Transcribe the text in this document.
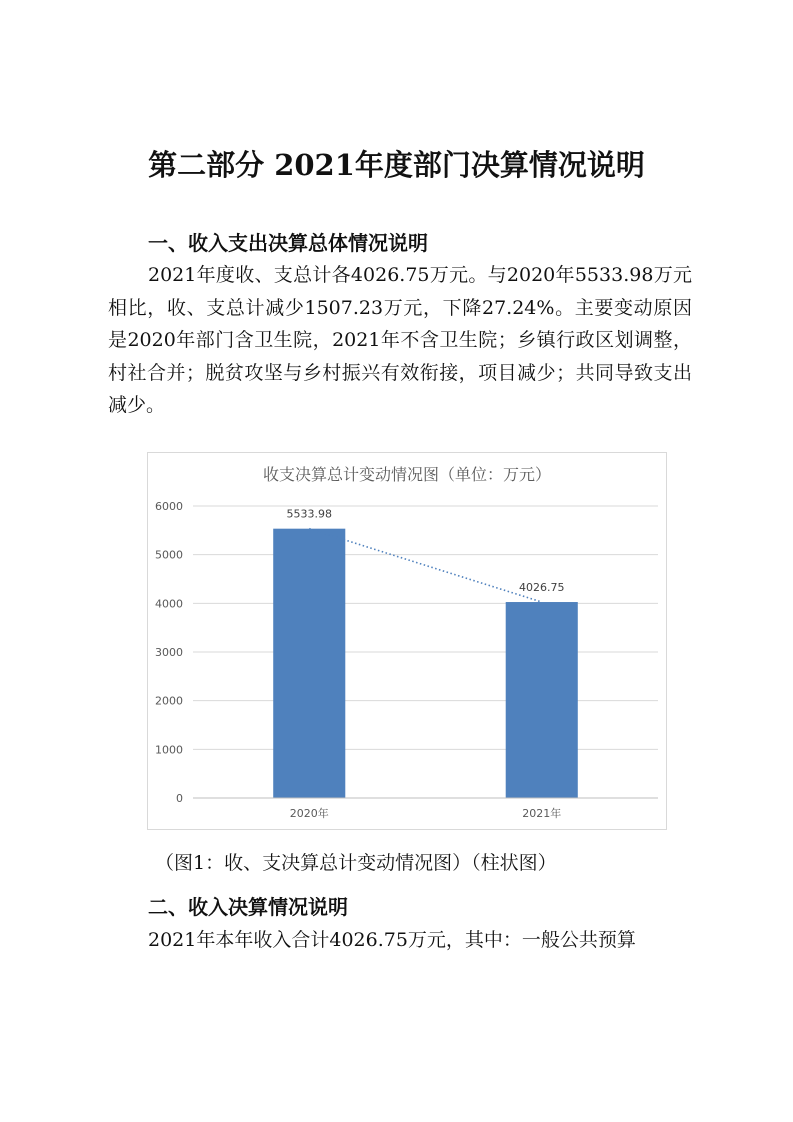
第二部分 2021年度部门决算情况说明
一、收入支出决算总体情况说明
2021年度收、支总计各4026.75万元。与2020年5533.98万元相比，收、支总计减少1507.23万元，下降27.24%。主要变动原因是2020年部门含卫生院，2021年不含卫生院；乡镇行政区划调整，村社合并；脱贫攻坚与乡村振兴有效衔接，项目减少；共同导致支出减少。
收支决算总计变动情况图（单位：万元）
0
1000
2000
3000
4000
5000
6000
5533.98
4026.75
2020年	2021年
（图1：收、支决算总计变动情况图）（柱状图）
二、收入决算情况说明
2021年本年收入合计4026.75万元，其中：一般公共预算
